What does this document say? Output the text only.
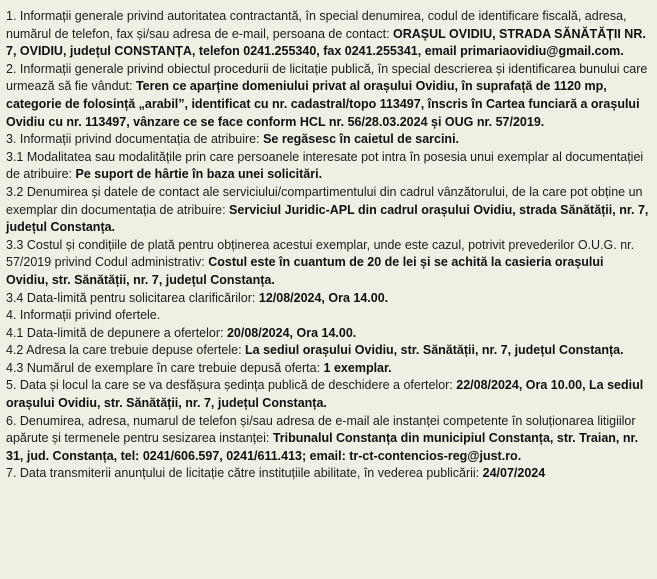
1. Informații generale privind autoritatea contractantă, în special denumirea, codul de identificare fiscală, adresa, numărul de telefon, fax și/sau adresa de e-mail, persoana de contact: ORAȘUL OVIDIU, STRADA SĂNĂTĂȚII NR. 7, OVIDIU, județul CONSTANȚA, telefon 0241.255340, fax 0241.255341, email primariaovidiu@gmail.com.

2. Informații generale privind obiectul procedurii de licitație publică, în special descrierea și identificarea bunului care urmează să fie vândut: Teren ce aparține domeniului privat al orașului Ovidiu, în suprafață de 1120 mp, categorie de folosință „arabil”, identificat cu nr. cadastral/topo 113497, înscris în Cartea funciară a orașului Ovidiu cu nr. 113497, vânzare ce se face conform HCL nr. 56/28.03.2024 și OUG nr. 57/2019.

3. Informații privind documentația de atribuire: Se regăsesc în caietul de sarcini.

3.1 Modalitatea sau modalitățile prin care persoanele interesate pot intra în posesia unui exemplar al documentației de atribuire: Pe suport de hârtie în baza unei solicitări.

3.2 Denumirea și datele de contact ale serviciului/compartimentului din cadrul vânzătorului, de la care pot obține un exemplar din documentația de atribuire: Serviciul Juridic-APL din cadrul orașului Ovidiu, strada Sănătății, nr. 7, județul Constanța.

3.3 Costul și condițiile de plată pentru obținerea acestui exemplar, unde este cazul, potrivit prevederilor O.U.G. nr. 57/2019 privind Codul administrativ: Costul este în cuantum de 20 de lei și se achită la casieria orașului Ovidiu, str. Sănătății, nr. 7, județul Constanța.

3.4 Data-limită pentru solicitarea clarificărilor: 12/08/2024, Ora 14.00.

4. Informații privind ofertele.

4.1 Data-limită de depunere a ofertelor: 20/08/2024, Ora 14.00.

4.2 Adresa la care trebuie depuse ofertele: La sediul orașului Ovidiu, str. Sănătății, nr. 7, județul Constanța.

4.3 Numărul de exemplare în care trebuie depusă oferta: 1 exemplar.

5. Data și locul la care se va desfășura ședința publică de deschidere a ofertelor: 22/08/2024, Ora 10.00, La sediul orașului Ovidiu, str. Sănătății, nr. 7, județul Constanța.

6. Denumirea, adresa, numarul de telefon și/sau adresa de e-mail ale instanței competente în soluționarea litigiilor apărute și termenele pentru sesizarea instanței: Tribunalul Constanța din municipiul Constanța, str. Traian, nr. 31, jud. Constanța, tel: 0241/606.597, 0241/611.413; email: tr-ct-contencios-reg@just.ro.

7. Data transmiterii anunțului de licitație către instituțiile abilitate, în vederea publicării: 24/07/2024
